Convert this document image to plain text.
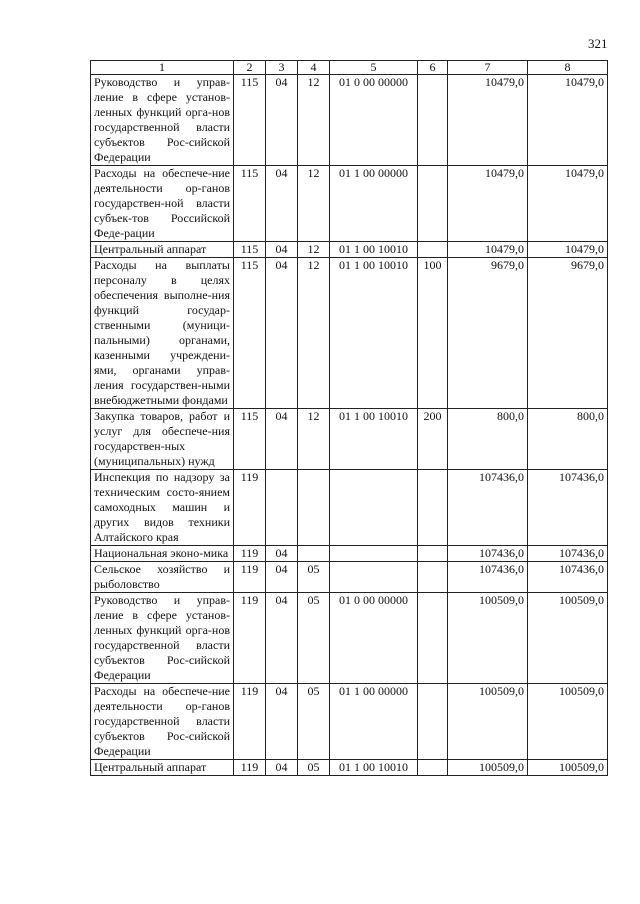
321
1	2	3	4	5	6	7	8
Руководство и управ-ление в сфере установ-ленных функций орга-нов государственной власти субъектов Рос-сийской Федерации	115	04	12	01 0 00 00000		10479,0	10479,0
Расходы на обеспече-ние деятельности ор-ганов государствен-ной власти субъек-тов Российской Феде-рации	115	04	12	01 1 00 00000		10479,0	10479,0
Центральный аппарат	115	04	12	01 1 00 10010		10479,0	10479,0
Расходы на выплаты персоналу в целях обеспечения выполне-ния функций государ-ственными (муници-пальными) органами, казенными учреждени-ями, органами управ-ления государствен-ными внебюджетными фондами	115	04	12	01 1 00 10010	100	9679,0	9679,0
Закупка товаров, работ и услуг для обеспече-ния государствен-ных (муниципальных) нужд	115	04	12	01 1 00 10010	200	800,0	800,0
Инспекция по надзору за техническим состо-янием самоходных машин и других видов техники Алтайского края	119					107436,0	107436,0
Национальная эконо-мика	119	04				107436,0	107436,0
Сельское хозяйство и рыболовство	119	04	05			107436,0	107436,0
Руководство и управ-ление в сфере установ-ленных функций орга-нов государственной власти субъектов Рос-сийской Федерации	119	04	05	01 0 00 00000		100509,0	100509,0
Расходы на обеспече-ние деятельности ор-ганов государственной власти субъектов Рос-сийской Федерации	119	04	05	01 1 00 00000		100509,0	100509,0
Центральный аппарат	119	04	05	01 1 00 10010		100509,0	100509,0
